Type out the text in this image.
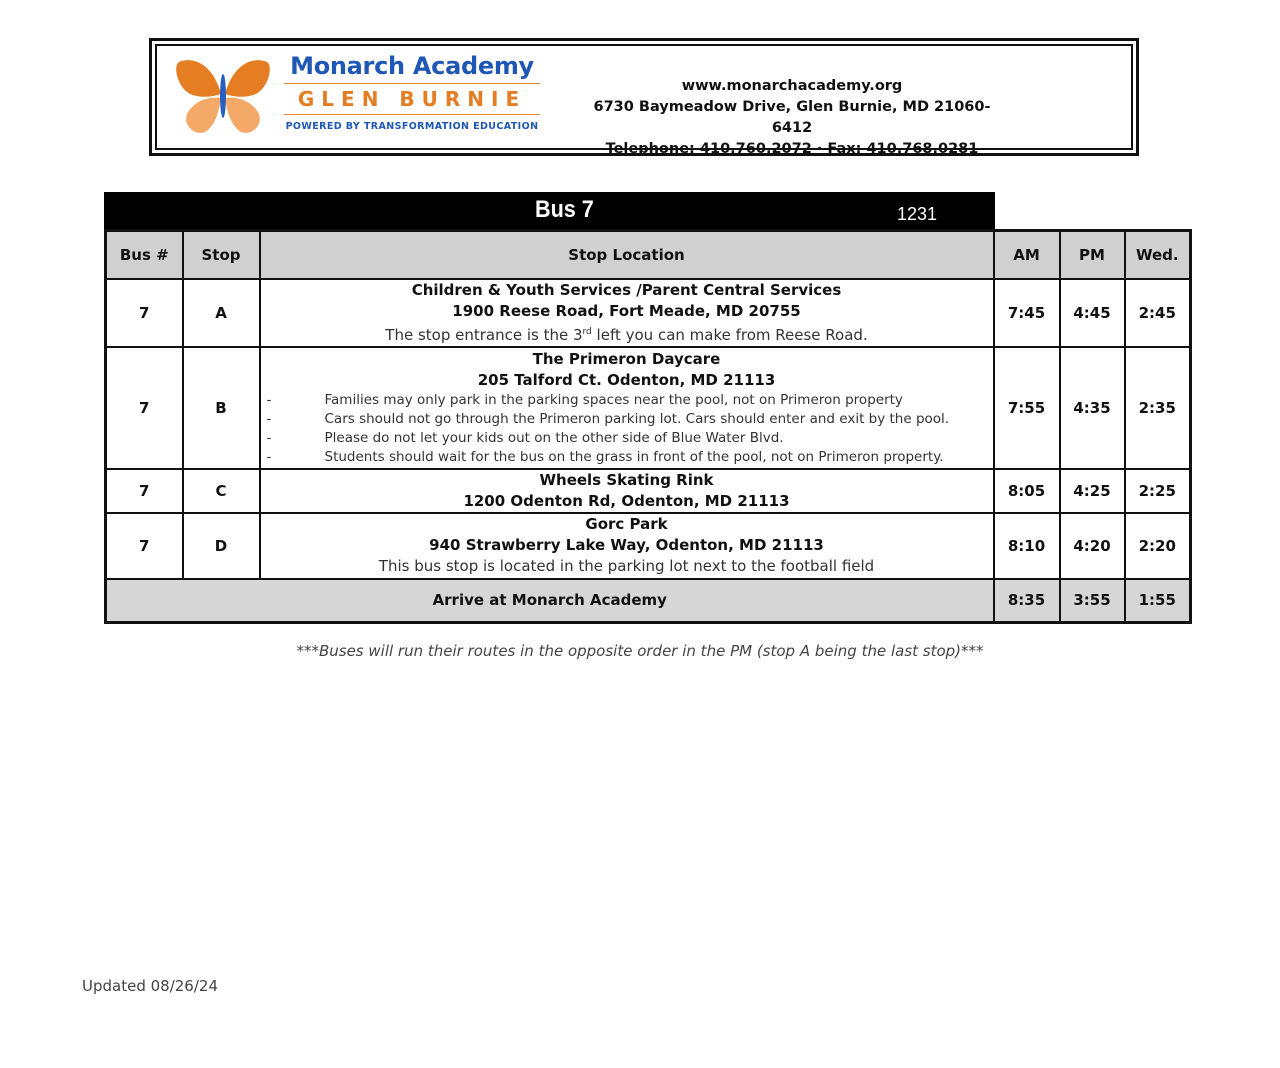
Monarch Academy
GLEN BURNIE
POWERED BY TRANSFORMATION EDUCATION
www.monarchacademy.org
6730 Baymeadow Drive, Glen Burnie, MD 21060-6412
Telephone: 410.760.2072 · Fax: 410.768.0281
Bus 7	1231
Bus #	Stop	Stop Location	AM	PM	Wed.
7	A	Children & Youth Services /Parent Central Services
1900 Reese Road, Fort Meade, MD 20755
The stop entrance is the 3rd left you can make from Reese Road.	7:45	4:45	2:45
7	B	
The Primeron Daycare
205 Talford Ct. Odenton, MD 21113
-	Families may only park in the parking spaces near the pool, not on Primeron property
-	Cars should not go through the Primeron parking lot. Cars should enter and exit by the pool.
-	Please do not let your kids out on the other side of Blue Water Blvd.
-	Students should wait for the bus on the grass in front of the pool, not on Primeron property.
	7:55	4:35	2:35
7	C	Wheels Skating Rink
1200 Odenton Rd, Odenton, MD 21113	8:05	4:25	2:25
7	D	Gorc Park
940 Strawberry Lake Way, Odenton, MD 21113
This bus stop is located in the parking lot next to the football field	8:10	4:20	2:20
Arrive at Monarch Academy			8:35	3:55	1:55
***Buses will run their routes in the opposite order in the PM (stop A being the last stop)***
Updated 08/26/24
